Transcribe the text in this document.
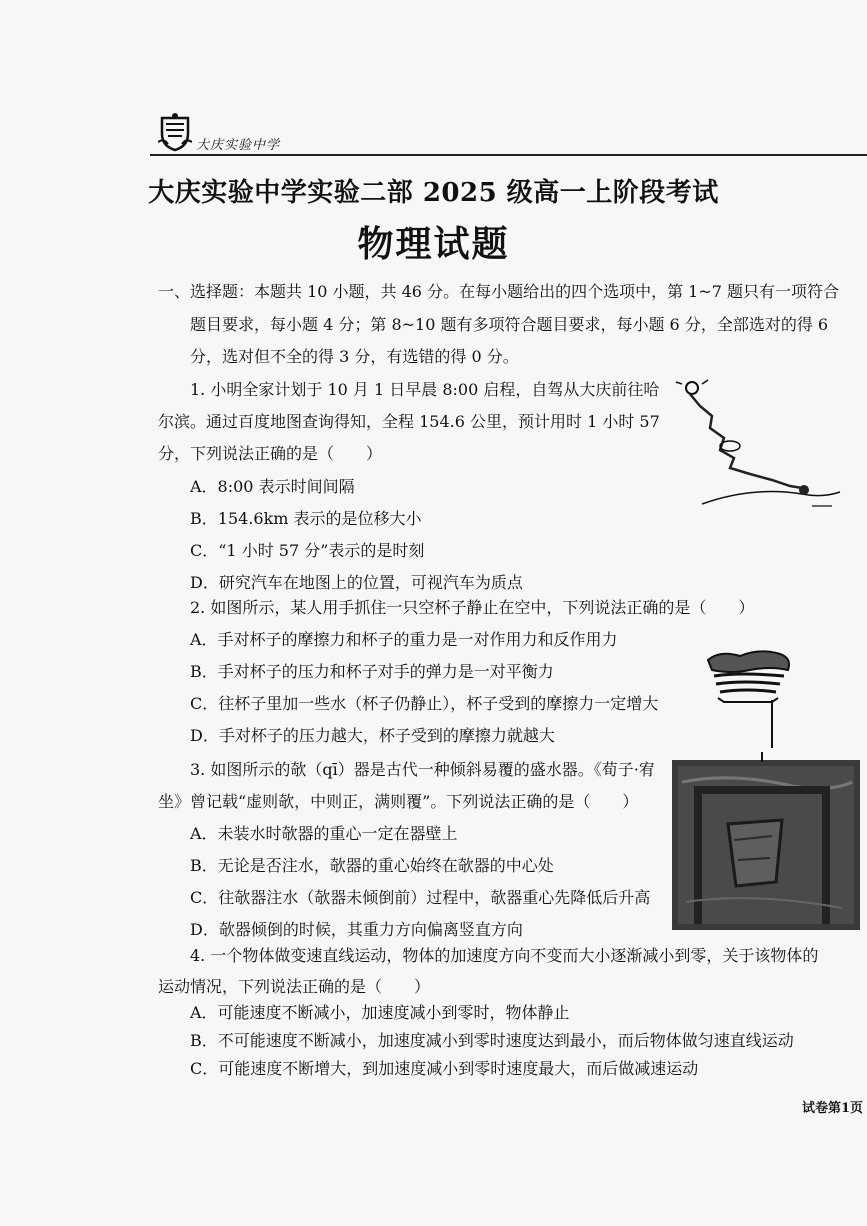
大庆实验中学
大庆实验中学实验二部 2025 级高一上阶段考试
物理试题
一、选择题：本题共 10 小题，共 46 分。在每小题给出的四个选项中，第 1~7 题只有一项符合
题目要求，每小题 4 分；第 8~10 题有多项符合题目要求，每小题 6 分，全部选对的得 6
分，选对但不全的得 3 分，有选错的得 0 分。
1. 小明全家计划于 10 月 1 日早晨 8:00 启程，自驾从大庆前往哈
尔滨。通过百度地图查询得知，全程 154.6 公里，预计用时 1 小时 57
分，下列说法正确的是（　　）
A．8:00 表示时间间隔
B．154.6km 表示的是位移大小
C．“1 小时 57 分”表示的是时刻
D．研究汽车在地图上的位置，可视汽车为质点
2. 如图所示，某人用手抓住一只空杯子静止在空中，下列说法正确的是（　　）
A．手对杯子的摩擦力和杯子的重力是一对作用力和反作用力
B．手对杯子的压力和杯子对手的弹力是一对平衡力
C．往杯子里加一些水（杯子仍静止），杯子受到的摩擦力一定增大
D．手对杯子的压力越大，杯子受到的摩擦力就越大
3. 如图所示的欹（qī）器是古代一种倾斜易覆的盛水器。《荀子·宥
坐》曾记载“虚则欹，中则正，满则覆”。下列说法正确的是（　　）
A．未装水时欹器的重心一定在器壁上
B．无论是否注水，欹器的重心始终在欹器的中心处
C．往欹器注水（欹器未倾倒前）过程中，欹器重心先降低后升高
D．欹器倾倒的时候，其重力方向偏离竖直方向
4. 一个物体做变速直线运动，物体的加速度方向不变而大小逐渐减小到零，关于该物体的
运动情况，下列说法正确的是（　　）
A．可能速度不断减小，加速度减小到零时，物体静止
B．不可能速度不断减小，加速度减小到零时速度达到最小，而后物体做匀速直线运动
C．可能速度不断增大，到加速度减小到零时速度最大，而后做减速运动
试卷第1页
